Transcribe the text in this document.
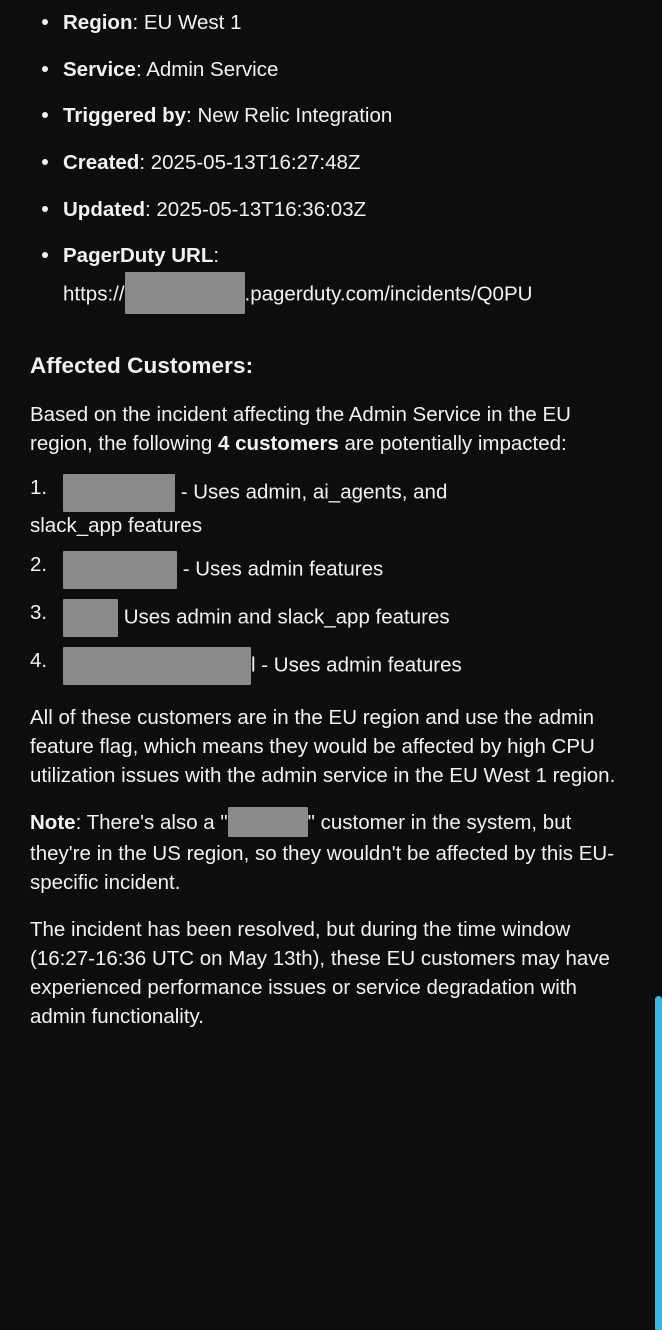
Region: EU West 1
Service: Admin Service
Triggered by: New Relic Integration
Created: 2025-05-13T16:27:48Z
Updated: 2025-05-13T16:36:03Z
PagerDuty URL:
https://	.pagerduty.com/incidents/Q0PU
Affected Customers:

Based on the incident affecting the Admin Service in the EU region, the following 4 customers are potentially impacted:

- Uses admin, ai_agents, and
slack_app features
- Uses admin features
Uses admin and slack_app features
l - Uses admin features

All of these customers are in the EU region and use the admin feature flag, which means they would be affected by high CPU utilization issues with the admin service in the EU West 1 region.

Note: There's also a "	" customer in the system, but they're in the US region, so they wouldn't be affected by this EU-specific incident.

The incident has been resolved, but during the time window (16:27-16:36 UTC on May 13th), these EU customers may have experienced performance issues or service degradation with admin functionality.
